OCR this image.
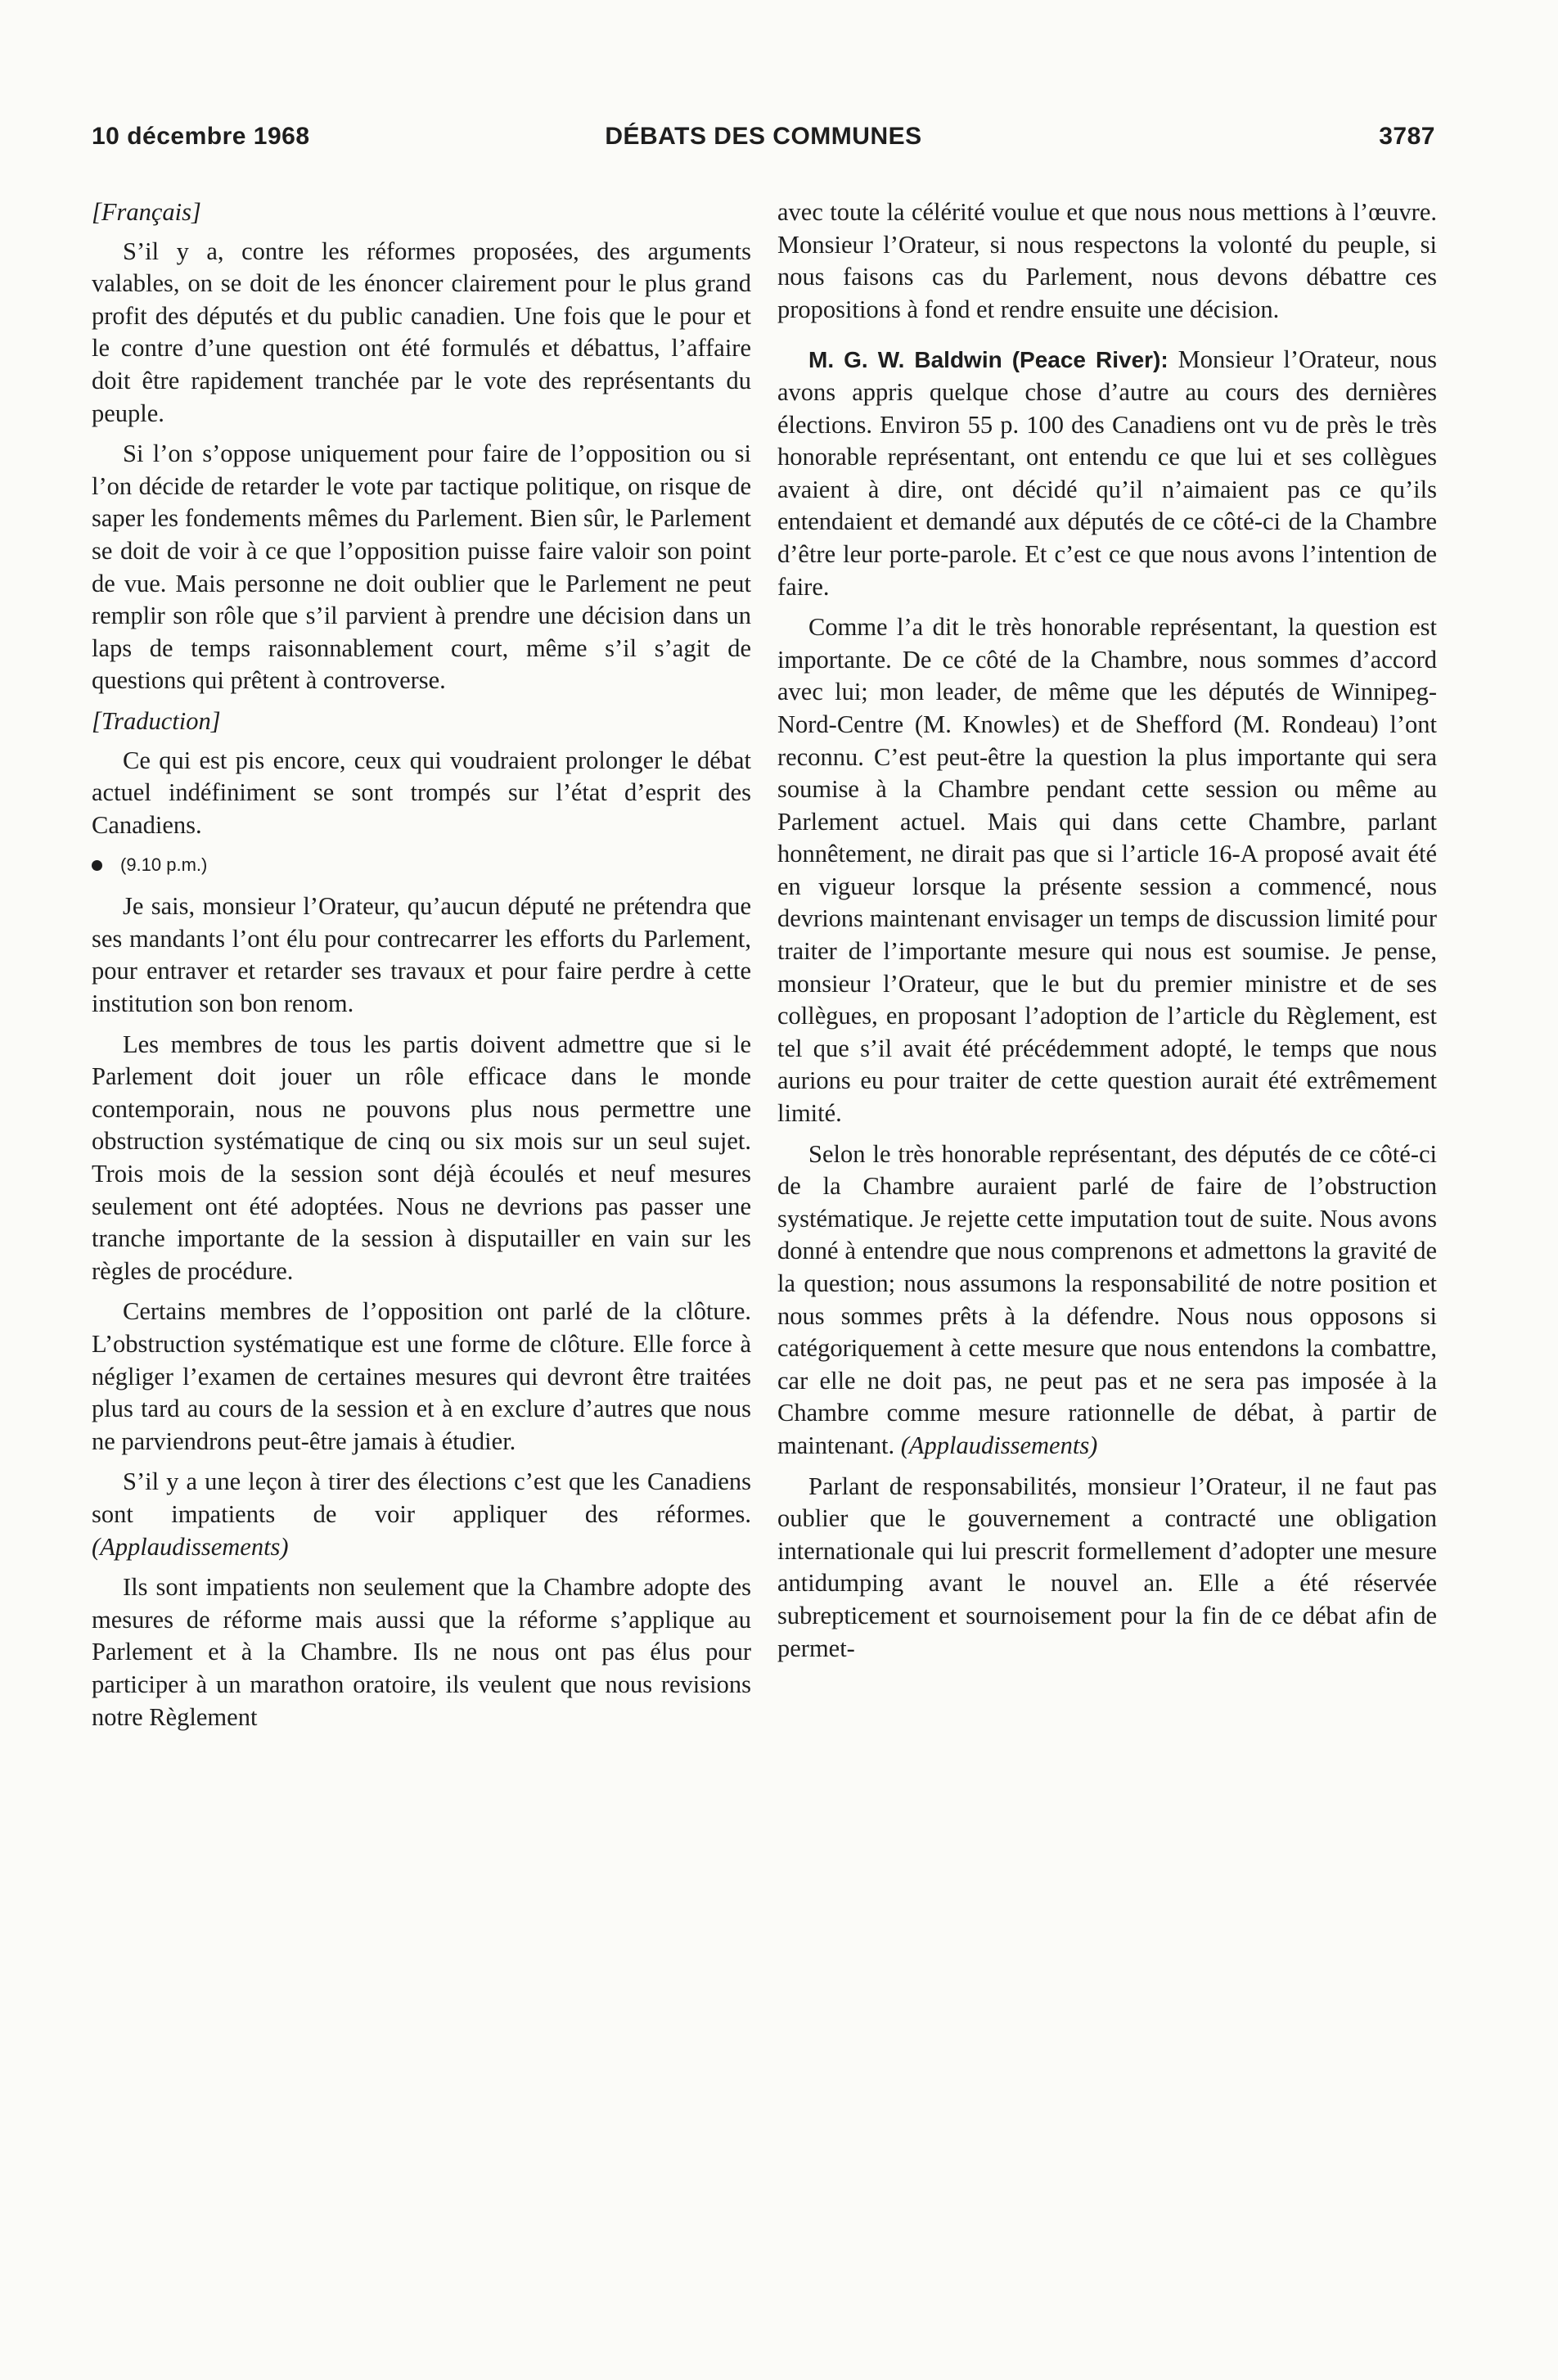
10 décembre 1968	DÉBATS DES COMMUNES	3787
[Français]

S’il y a, contre les réformes proposées, des arguments valables, on se doit de les énoncer clairement pour le plus grand profit des députés et du public canadien. Une fois que le pour et le contre d’une question ont été formulés et débattus, l’affaire doit être rapidement tranchée par le vote des représentants du peuple.

Si l’on s’oppose uniquement pour faire de l’opposition ou si l’on décide de retarder le vote par tactique politique, on risque de saper les fondements mêmes du Parlement. Bien sûr, le Parlement se doit de voir à ce que l’opposition puisse faire valoir son point de vue. Mais personne ne doit oublier que le Parlement ne peut remplir son rôle que s’il parvient à prendre une décision dans un laps de temps raisonnablement court, même s’il s’agit de questions qui prêtent à controverse.

[Traduction]

Ce qui est pis encore, ceux qui voudraient prolonger le débat actuel indéfiniment se sont trompés sur l’état d’esprit des Canadiens.

(9.10 p.m.)

Je sais, monsieur l’Orateur, qu’aucun député ne prétendra que ses mandants l’ont élu pour contrecarrer les efforts du Parlement, pour entraver et retarder ses travaux et pour faire perdre à cette institution son bon renom.

Les membres de tous les partis doivent admettre que si le Parlement doit jouer un rôle efficace dans le monde contemporain, nous ne pouvons plus nous permettre une obstruction systématique de cinq ou six mois sur un seul sujet. Trois mois de la session sont déjà écoulés et neuf mesures seulement ont été adoptées. Nous ne devrions pas passer une tranche importante de la session à disputailler en vain sur les règles de procédure.

Certains membres de l’opposition ont parlé de la clôture. L’obstruction systématique est une forme de clôture. Elle force à négliger l’examen de certaines mesures qui devront être traitées plus tard au cours de la session et à en exclure d’autres que nous ne parviendrons peut-être jamais à étudier.

S’il y a une leçon à tirer des élections c’est que les Canadiens sont impatients de voir appliquer des réformes. (Applaudissements)

Ils sont impatients non seulement que la Chambre adopte des mesures de réforme mais aussi que la réforme s’applique au Parlement et à la Chambre. Ils ne nous ont pas élus pour participer à un marathon oratoire, ils veulent que nous revisions notre Règlement

avec toute la célérité voulue et que nous nous mettions à l’œuvre. Monsieur l’Orateur, si nous respectons la volonté du peuple, si nous faisons cas du Parlement, nous devons débattre ces propositions à fond et rendre ensuite une décision.

M. G. W. Baldwin (Peace River): Monsieur l’Orateur, nous avons appris quelque chose d’autre au cours des dernières élections. Environ 55 p. 100 des Canadiens ont vu de près le très honorable représentant, ont entendu ce que lui et ses collègues avaient à dire, ont décidé qu’il n’aimaient pas ce qu’ils entendaient et demandé aux députés de ce côté-ci de la Chambre d’être leur porte-parole. Et c’est ce que nous avons l’intention de faire.

Comme l’a dit le très honorable représentant, la question est importante. De ce côté de la Chambre, nous sommes d’accord avec lui; mon leader, de même que les députés de Winnipeg-Nord-Centre (M. Knowles) et de Shefford (M. Rondeau) l’ont reconnu. C’est peut-être la question la plus importante qui sera soumise à la Chambre pendant cette session ou même au Parlement actuel. Mais qui dans cette Chambre, parlant honnêtement, ne dirait pas que si l’article 16-A proposé avait été en vigueur lorsque la présente session a commencé, nous devrions maintenant envisager un temps de discussion limité pour traiter de l’importante mesure qui nous est soumise. Je pense, monsieur l’Orateur, que le but du premier ministre et de ses collègues, en proposant l’adoption de l’article du Règlement, est tel que s’il avait été précédemment adopté, le temps que nous aurions eu pour traiter de cette question aurait été extrêmement limité.

Selon le très honorable représentant, des députés de ce côté-ci de la Chambre auraient parlé de faire de l’obstruction systématique. Je rejette cette imputation tout de suite. Nous avons donné à entendre que nous comprenons et admettons la gravité de la question; nous assumons la responsabilité de notre position et nous sommes prêts à la défendre. Nous nous opposons si catégoriquement à cette mesure que nous entendons la combattre, car elle ne doit pas, ne peut pas et ne sera pas imposée à la Chambre comme mesure rationnelle de débat, à partir de maintenant. (Applaudissements)

Parlant de responsabilités, monsieur l’Orateur, il ne faut pas oublier que le gouvernement a contracté une obligation internationale qui lui prescrit formellement d’adopter une mesure antidumping avant le nouvel an. Elle a été réservée subrepticement et sournoisement pour la fin de ce débat afin de permet-
